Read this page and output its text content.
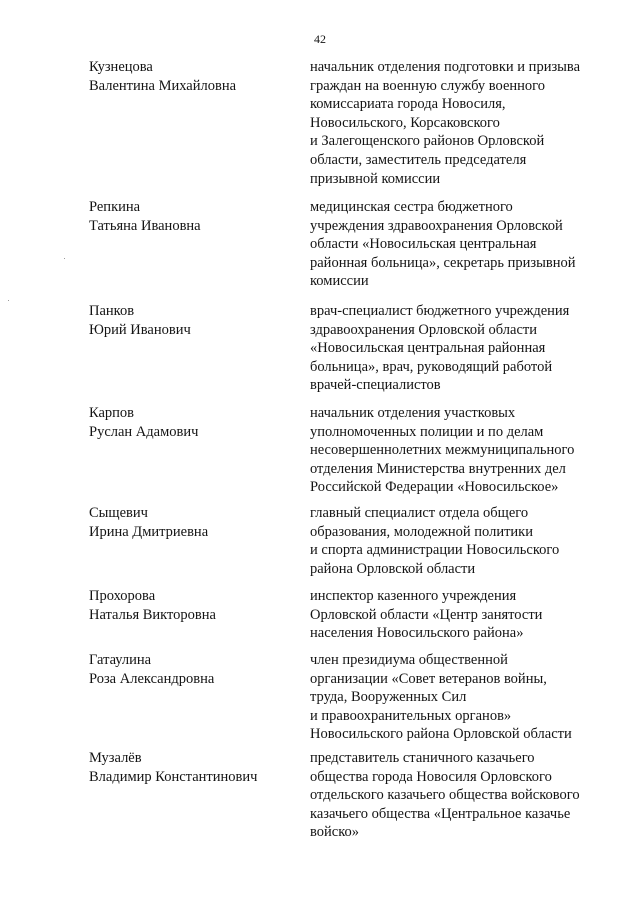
42
Кузнецова
Валентина Михайловна
начальник отделения подготовки и призыва
граждан на военную службу военного
комиссариата города Новосиля,
Новосильского, Корсаковского
и Залегощенского районов Орловской
области, заместитель председателя
призывной комиссии
Репкина
Татьяна Ивановна
медицинская сестра бюджетного
учреждения здравоохранения Орловской
области «Новосильская центральная
районная больница», секретарь призывной
комиссии
Панков
Юрий Иванович
врач-специалист бюджетного учреждения
здравоохранения Орловской области
«Новосильская центральная районная
больница», врач, руководящий работой
врачей-специалистов
Карпов
Руслан Адамович
начальник отделения участковых
уполномоченных полиции и по делам
несовершеннолетних межмуниципального
отделения Министерства внутренних дел
Российской Федерации «Новосильское»
Сыщевич
Ирина Дмитриевна
главный специалист отдела общего
образования, молодежной политики
и спорта администрации Новосильского
района Орловской области
Прохорова
Наталья Викторовна
инспектор казенного учреждения
Орловской области «Центр занятости
населения Новосильского района»
Гатаулина
Роза Александровна
член президиума общественной
организации «Совет ветеранов войны,
труда, Вооруженных Сил
и правоохранительных органов»
Новосильского района Орловской области
Музалёв
Владимир Константинович
представитель станичного казачьего
общества города Новосиля Орловского
отдельского казачьего общества войскового
казачьего общества «Центральное казачье
войско»
